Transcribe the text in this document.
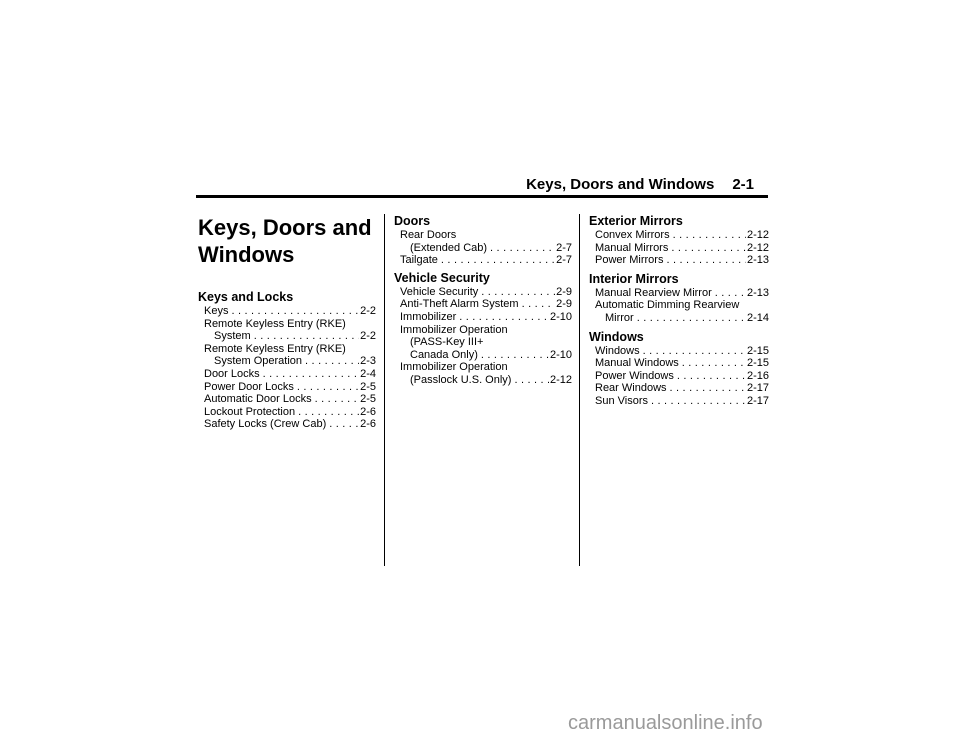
Keys, Doors and Windows 2-1
Keys, Doors and Windows
Keys and Locks
Keys . . .	2-2
Remote Keyless Entry (RKE)
System . . .	2-2
Remote Keyless Entry (RKE)
System Operation . . .	2-3
Door Locks . . .	2-4
Power Door Locks . . .	2-5
Automatic Door Locks . . .	2-5
Lockout Protection . . .	2-6
Safety Locks (Crew Cab) . . .	2-6
Doors
Rear Doors
(Extended Cab) . . .	2-7
Tailgate . . .	2-7
Vehicle Security
Vehicle Security . . .	2-9
Anti-Theft Alarm System . . .	2-9
Immobilizer . . .	2-10
Immobilizer Operation
(PASS-Key III+
Canada Only) . . .	2-10
Immobilizer Operation
(Passlock U.S. Only) . . .	2-12
Exterior Mirrors
Convex Mirrors . . .	2-12
Manual Mirrors . . .	2-12
Power Mirrors . . .	2-13
Interior Mirrors
Manual Rearview Mirror . . .	2-13
Automatic Dimming Rearview
Mirror . . .	2-14
Windows
Windows . . .	2-15
Manual Windows . . .	2-15
Power Windows . . .	2-16
Rear Windows . . .	2-17
Sun Visors . . .	2-17
carmanualsonline.info
